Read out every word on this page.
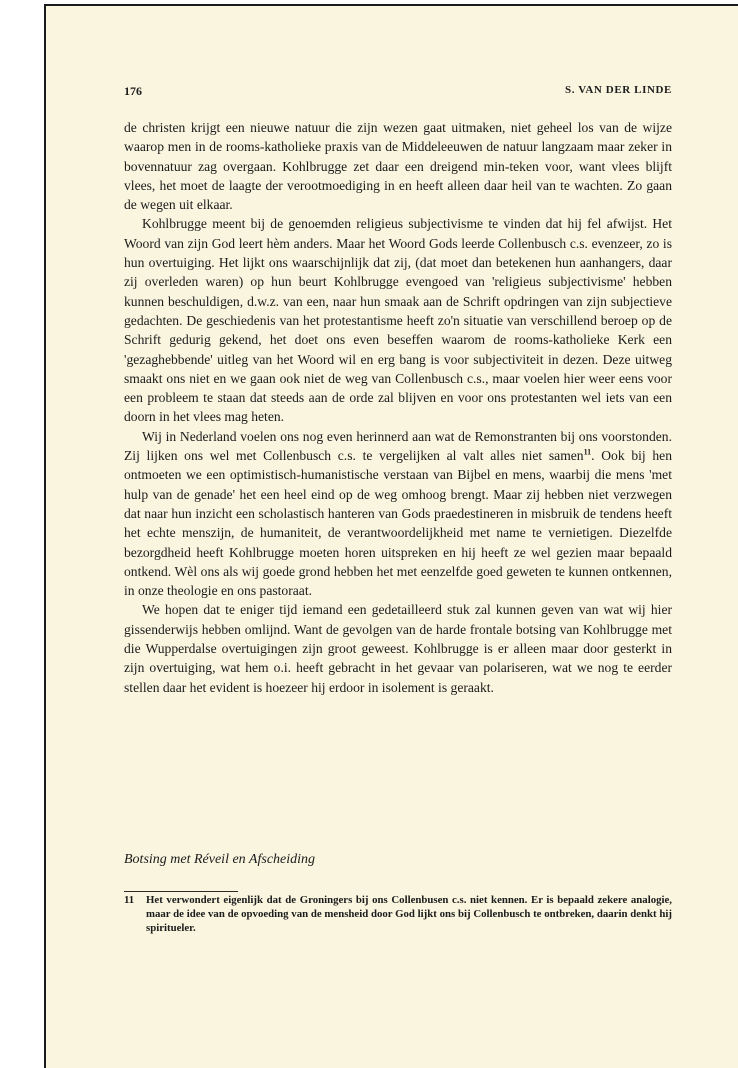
176	S. VAN DER LINDE

de christen krijgt een nieuwe natuur die zijn wezen gaat uitmaken, niet geheel los van de wijze waarop men in de rooms-katholieke praxis van de Middeleeuwen de natuur langzaam maar zeker in bovennatuur zag overgaan. Kohlbrugge zet daar een dreigend min-teken voor, want vlees blijft vlees, het moet de laagte der verootmoediging in en heeft alleen daar heil van te wachten. Zo gaan de wegen uit elkaar.

Kohlbrugge meent bij de genoemden religieus subjectivisme te vinden dat hij fel afwijst. Het Woord van zijn God leert hèm anders. Maar het Woord Gods leerde Collenbusch c.s. evenzeer, zo is hun overtuiging. Het lijkt ons waarschijnlijk dat zij, (dat moet dan betekenen hun aanhangers, daar zij overleden waren) op hun beurt Kohlbrugge evengoed van 'religieus subjectivisme' hebben kunnen beschuldigen, d.w.z. van een, naar hun smaak aan de Schrift opdringen van zijn subjectieve gedachten. De geschiedenis van het protestantisme heeft zo'n situatie van verschillend beroep op de Schrift gedurig gekend, het doet ons even beseffen waarom de rooms-katholieke Kerk een 'gezaghebbende' uitleg van het Woord wil en erg bang is voor subjectiviteit in dezen. Deze uitweg smaakt ons niet en we gaan ook niet de weg van Collenbusch c.s., maar voelen hier weer eens voor een probleem te staan dat steeds aan de orde zal blijven en voor ons protestanten wel iets van een doorn in het vlees mag heten.

Wij in Nederland voelen ons nog even herinnerd aan wat de Remonstranten bij ons voorstonden. Zij lijken ons wel met Collenbusch c.s. te vergelijken al valt alles niet samen$^{11}$. Ook bij hen ontmoeten we een optimistisch-humanistische verstaan van Bijbel en mens, waarbij die mens 'met hulp van de genade' het een heel eind op de weg omhoog brengt. Maar zij hebben niet verzwegen dat naar hun inzicht een scholastisch hanteren van Gods praedestineren in misbruik de tendens heeft het echte menszijn, de humaniteit, de verantwoordelijkheid met name te vernietigen. Diezelfde bezorgdheid heeft Kohlbrugge moeten horen uitspreken en hij heeft ze wel gezien maar bepaald ontkend. Wèl ons als wij goede grond hebben het met eenzelfde goed geweten te kunnen ontkennen, in onze theologie en ons pastoraat.

We hopen dat te eniger tijd iemand een gedetailleerd stuk zal kunnen geven van wat wij hier gissenderwijs hebben omlijnd. Want de gevolgen van de harde frontale botsing van Kohlbrugge met die Wupperdalse overtuigingen zijn groot geweest. Kohlbrugge is er alleen maar door gesterkt in zijn overtuiging, wat hem o.i. heeft gebracht in het gevaar van polariseren, wat we nog te eerder stellen daar het evident is hoezeer hij erdoor in isolement is geraakt.

Botsing met Réveil en Afscheiding
11 Het verwondert eigenlijk dat de Groningers bij ons Collenbusen c.s. niet kennen. Er is bepaald zekere analogie, maar de idee van de opvoeding van de mensheid door God lijkt ons bij Collenbusch te ontbreken, daarin denkt hij spiritueler.
